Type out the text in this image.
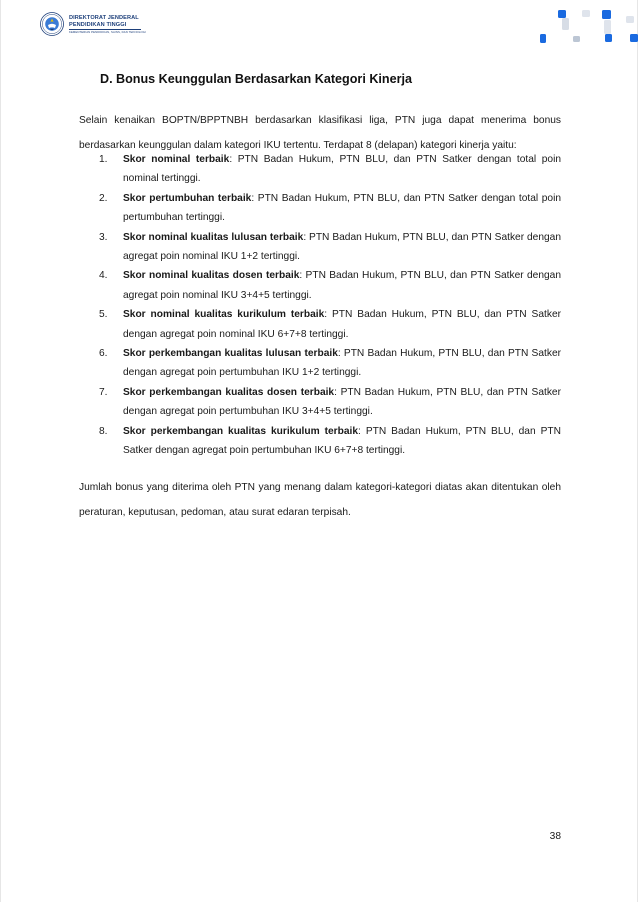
DIREKTORAT JENDERAL
PENDIDIKAN TINGGI
KEMENTERIAN PENDIDIKAN, SAINS, DAN TEKNOLOGI
D. Bonus Keunggulan Berdasarkan Kategori Kinerja

Selain kenaikan BOPTN/BPPTNBH berdasarkan klasifikasi liga, PTN juga dapat menerima bonus berdasarkan keunggulan dalam kategori IKU tertentu. Terdapat 8 (delapan) kategori kinerja yaitu:

1. Skor nominal terbaik: PTN Badan Hukum, PTN BLU, dan PTN Satker dengan total poin nominal tertinggi.
2. Skor pertumbuhan terbaik: PTN Badan Hukum, PTN BLU, dan PTN Satker dengan total poin pertumbuhan tertinggi.
3. Skor nominal kualitas lulusan terbaik: PTN Badan Hukum, PTN BLU, dan PTN Satker dengan agregat poin nominal IKU 1+2 tertinggi.
4. Skor nominal kualitas dosen terbaik: PTN Badan Hukum, PTN BLU, dan PTN Satker dengan agregat poin nominal IKU 3+4+5 tertinggi.
5. Skor nominal kualitas kurikulum terbaik: PTN Badan Hukum, PTN BLU, dan PTN Satker dengan agregat poin nominal IKU 6+7+8 tertinggi.
6. Skor perkembangan kualitas lulusan terbaik: PTN Badan Hukum, PTN BLU, dan PTN Satker dengan agregat poin pertumbuhan IKU 1+2 tertinggi.
7. Skor perkembangan kualitas dosen terbaik: PTN Badan Hukum, PTN BLU, dan PTN Satker dengan agregat poin pertumbuhan IKU 3+4+5 tertinggi.
8. Skor perkembangan kualitas kurikulum terbaik: PTN Badan Hukum, PTN BLU, dan PTN Satker dengan agregat poin pertumbuhan IKU 6+7+8 tertinggi.

Jumlah bonus yang diterima oleh PTN yang menang dalam kategori-kategori diatas akan ditentukan oleh peraturan, keputusan, pedoman, atau surat edaran terpisah.

38
